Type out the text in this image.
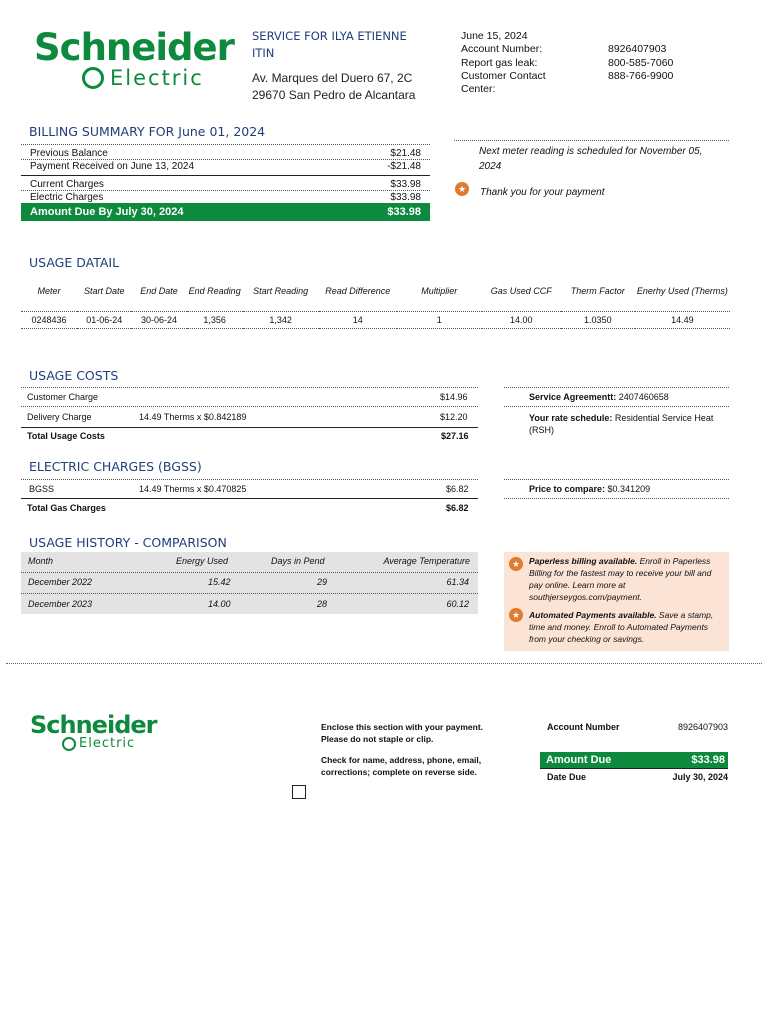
Schneider
Electric
SERVICE FOR ILYA ETIENNE
ITIN
Av. Marques del Duero 67, 2C
29670 San Pedro de Alcantara
June 15, 2024
Account Number:	8926407903
Report gas leak:	800-585-7060
Customer Contact	888-766-9900
Center:
BILLING SUMMARY FOR June 01, 2024
Previous Balance	$21.48
Payment Received on June 13, 2024	-$21.48
Current Charges	$33.98
Electric Charges	$33.98
Amount Due By July 30, 2024	$33.98
Next meter reading is scheduled for November 05, 2024
★ Thank you for your payment
USAGE DATAIL
Meter	Start Date	End Date	End Reading	Start Reading	Read Difference	Multiplier	Gas Used CCF	Therm Factor	Enerhy Used (Therms)
0248436	01-06-24	30-06-24	1,356	1,342	14	1	14.00	1.0350	14.49
USAGE COSTS
Customer Charge	$14.96
Delivery Charge	14.49 Therms x $0.842189	$12.20
Total Usage Costs	$27.16
Service Agreementt: 2407460658
Your rate schedule: Residential Service Heat (RSH)
ELECTRIC CHARGES (BGSS)
BGSS	14.49 Therms x $0.470825	$6.82
Total Gas Charges	$6.82
Price to compare: $0.341209
USAGE HISTORY - COMPARISON
Month	Energy Used	Days in Pend	Average Temperature
December 2022	15.42	29	61.34
December 2023	14.00	28	60.12
★	Paperless billing available. Enroll in Paperless Billing for the fastest may to receive your bill and pay online. Learn more at southjerseygos.com/payment.
★	Automated Payments available. Save a stamp, time and money. Enroll to Automated Payments from your checking or savings.
Schneider
Electric
Enclose this section with your payment.
Please do not staple or clip.
Check for name, address, phone, email,
corrections; complete on reverse side.
Account Number	8926407903
Amount Due	$33.98
Date Due	July 30, 2024
